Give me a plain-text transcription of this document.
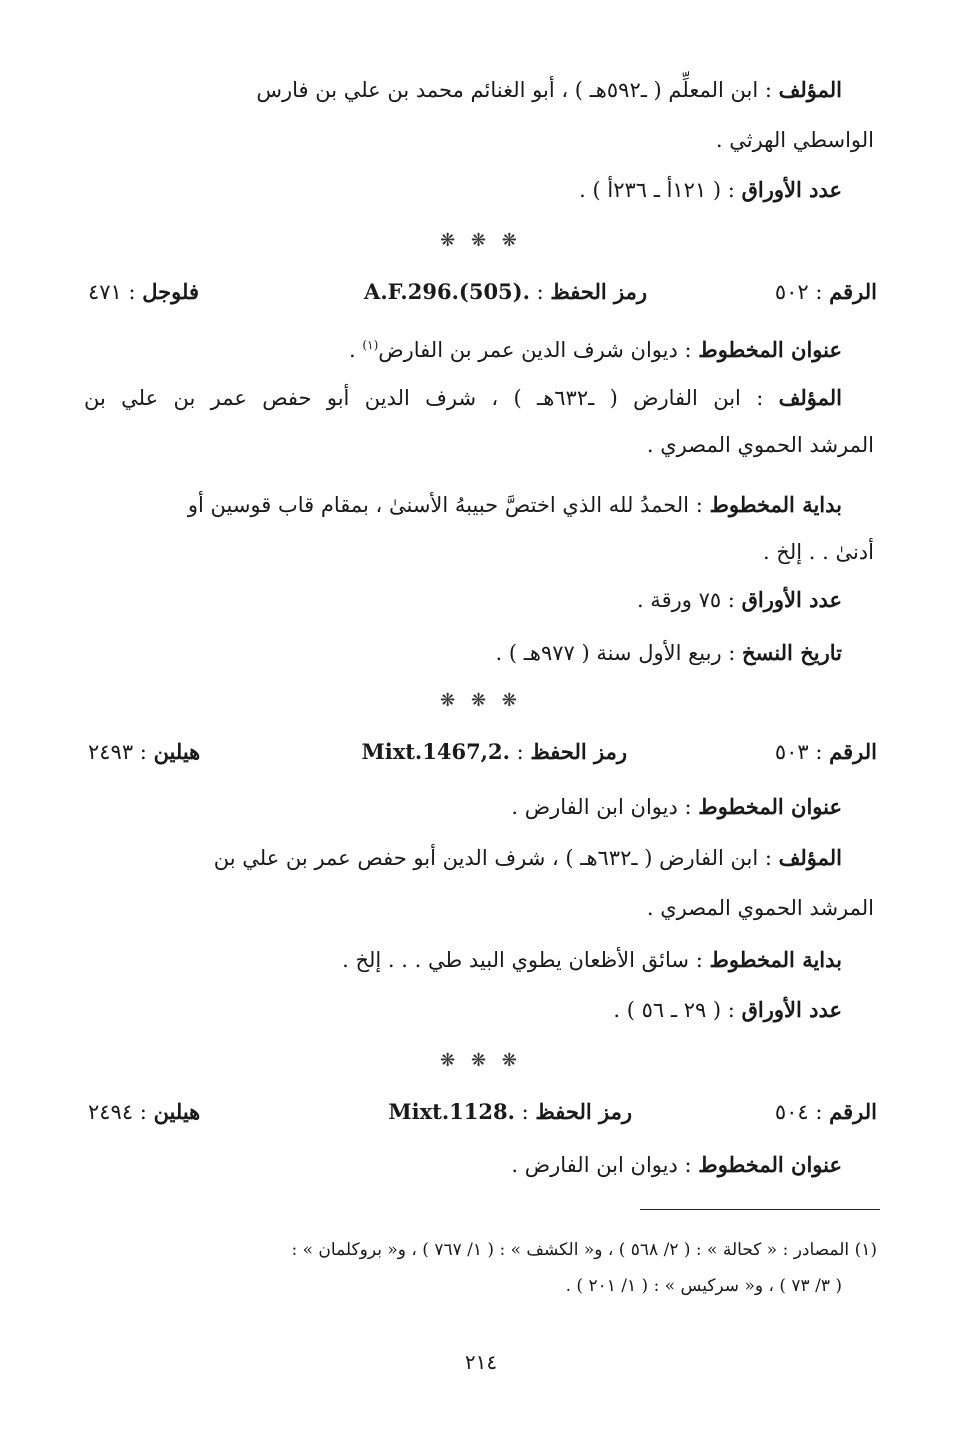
المؤلف : ابن المعلِّم ( ـ٥٩٢هـ ) ، أبو الغنائم محمد بن علي بن فارس
الواسطي الهرثي .
عدد الأوراق : ( ١٢١أ ـ ٢٣٦أ ) .
❋ ❋ ❋
الرقم : ٥٠٢
رمز الحفظ : A.F.296.(505).
فلوجل : ٤٧١
عنوان المخطوط : ديوان شرف الدين عمر بن الفارض$^{(١)}$ .
المؤلف : ابن الفارض ( ـ٦٣٢هـ ) ، شرف الدين أبو حفص عمر بن علي بن
المرشد الحموي المصري .
بداية المخطوط : الحمدُ لله الذي اختصَّ حبيبهُ الأسنىٰ ، بمقام قاب قوسين أو
أدنىٰ . . إلخ .
عدد الأوراق : ٧٥ ورقة .
تاريخ النسخ : ربيع الأول سنة ( ٩٧٧هـ ) .
❋ ❋ ❋
الرقم : ٥٠٣
رمز الحفظ : Mixt.1467,2.
هيلين : ٢٤٩٣
عنوان المخطوط : ديوان ابن الفارض .
المؤلف : ابن الفارض ( ـ٦٣٢هـ ) ، شرف الدين أبو حفص عمر بن علي بن
المرشد الحموي المصري .
بداية المخطوط : سائق الأظعان يطوي البيد طي . . . إلخ .
عدد الأوراق : ( ٢٩ ـ ٥٦ ) .
❋ ❋ ❋
الرقم : ٥٠٤
رمز الحفظ : Mixt.1128.
هيلين : ٢٤٩٤
عنوان المخطوط : ديوان ابن الفارض .
(١) المصادر : « كحالة » : ( ٢/ ٥٦٨ ) ، و« الكشف » : ( ١/ ٧٦٧ ) ، و« بروكلمان » :
( ٣/ ٧٣ ) ، و« سركيس » : ( ١/ ٢٠١ ) .
٢١٤
